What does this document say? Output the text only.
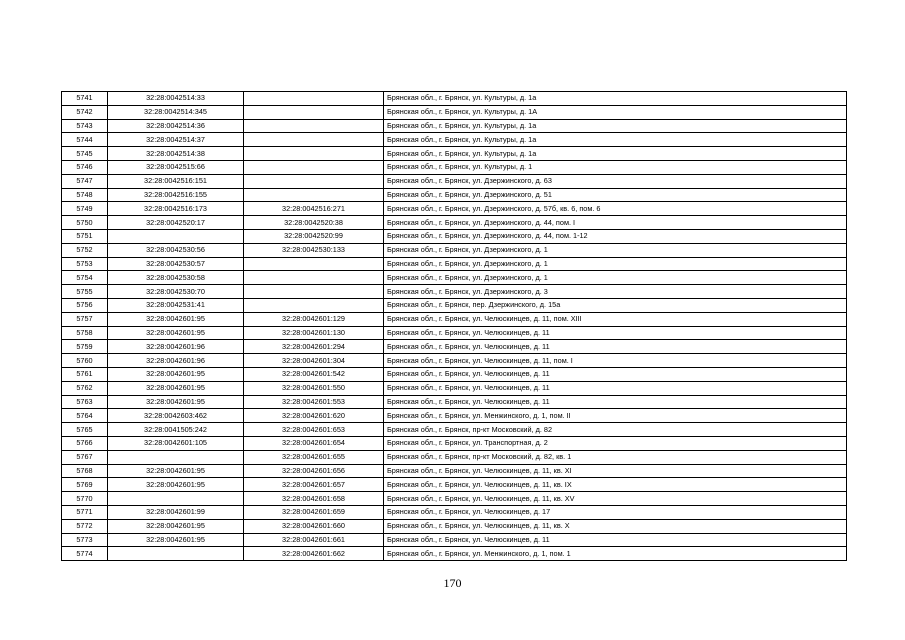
5741	32:28:0042514:33		Брянская обл., г. Брянск, ул. Культуры, д. 1а
5742	32:28:0042514:345		Брянская обл., г. Брянск, ул. Культуры, д. 1А
5743	32:28:0042514:36		Брянская обл., г. Брянск, ул. Культуры, д. 1а
5744	32:28:0042514:37		Брянская обл., г. Брянск, ул. Культуры, д. 1а
5745	32:28:0042514:38		Брянская обл., г. Брянск, ул. Культуры, д. 1а
5746	32:28:0042515:66		Брянская обл., г. Брянск, ул. Культуры, д. 1
5747	32:28:0042516:151		Брянская обл., г. Брянск, ул. Дзержинского, д. 63
5748	32:28:0042516:155		Брянская обл., г. Брянск, ул. Дзержинского, д. 51
5749	32:28:0042516:173	32:28:0042516:271	Брянская обл., г. Брянск, ул. Дзержинского, д. 57б, кв. 6, пом. 6
5750	32:28:0042520:17	32:28:0042520:38	Брянская обл., г. Брянск, ул. Дзержинского, д. 44, пом. I
5751		32:28:0042520:99	Брянская обл., г. Брянск, ул. Дзержинского, д. 44, пом. 1-12
5752	32:28:0042530:56	32:28:0042530:133	Брянская обл., г. Брянск, ул. Дзержинского, д. 1
5753	32:28:0042530:57		Брянская обл., г. Брянск, ул. Дзержинского, д. 1
5754	32:28:0042530:58		Брянская обл., г. Брянск, ул. Дзержинского, д. 1
5755	32:28:0042530:70		Брянская обл., г. Брянск, ул. Дзержинского, д. 3
5756	32:28:0042531:41		Брянская обл., г. Брянск, пер. Дзержинского, д. 15а
5757	32:28:0042601:95	32:28:0042601:129	Брянская обл., г. Брянск, ул. Челюскинцев, д. 11, пом. XIII
5758	32:28:0042601:95	32:28:0042601:130	Брянская обл., г. Брянск, ул. Челюскинцев, д. 11
5759	32:28:0042601:96	32:28:0042601:294	Брянская обл., г. Брянск, ул. Челюскинцев, д. 11
5760	32:28:0042601:96	32:28:0042601:304	Брянская обл., г. Брянск, ул. Челюскинцев, д. 11, пом. I
5761	32:28:0042601:95	32:28:0042601:542	Брянская обл., г. Брянск, ул. Челюскинцев, д. 11
5762	32:28:0042601:95	32:28:0042601:550	Брянская обл., г. Брянск, ул. Челюскинцев, д. 11
5763	32:28:0042601:95	32:28:0042601:553	Брянская обл., г. Брянск, ул. Челюскинцев, д. 11
5764	32:28:0042603:462	32:28:0042601:620	Брянская обл., г. Брянск, ул. Менжинского, д. 1, пом. II
5765	32:28:0041505:242	32:28:0042601:653	Брянская обл., г. Брянск, пр-кт Московский, д. 82
5766	32:28:0042601:105	32:28:0042601:654	Брянская обл., г. Брянск, ул. Транспортная, д. 2
5767		32:28:0042601:655	Брянская обл., г. Брянск, пр-кт Московский, д. 82, кв. 1
5768	32:28:0042601:95	32:28:0042601:656	Брянская обл., г. Брянск, ул. Челюскинцев, д. 11, кв. XI
5769	32:28:0042601:95	32:28:0042601:657	Брянская обл., г. Брянск, ул. Челюскинцев, д. 11, кв. IX
5770		32:28:0042601:658	Брянская обл., г. Брянск, ул. Челюскинцев, д. 11, кв. XV
5771	32:28:0042601:99	32:28:0042601:659	Брянская обл., г. Брянск, ул. Челюскинцев, д. 17
5772	32:28:0042601:95	32:28:0042601:660	Брянская обл., г. Брянск, ул. Челюскинцев, д. 11, кв. X
5773	32:28:0042601:95	32:28:0042601:661	Брянская обл., г. Брянск, ул. Челюскинцев, д. 11
5774		32:28:0042601:662	Брянская обл., г. Брянск, ул. Менжинского, д. 1, пом. 1
170
